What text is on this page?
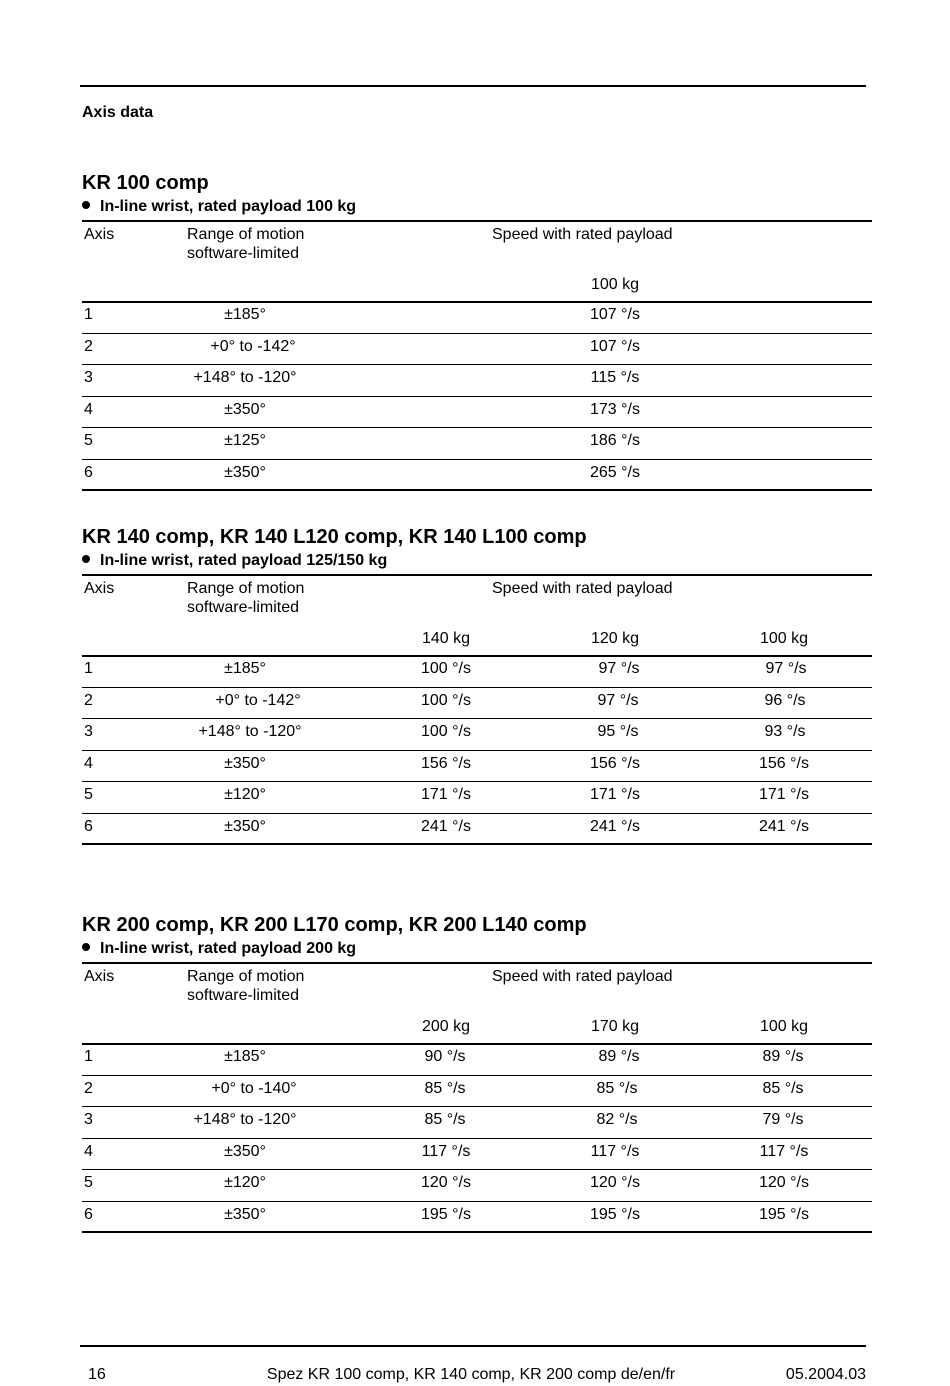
Axis data
KR 100 comp
In-line wrist, rated payload 100 kg
Axis	Range of motion
software-limited
Speed with rated payload
100 kg
1	±185°	107 °/s
2	+0° to -142°	107 °/s
3	+148° to -120°	115 °/s
4	±350°	173 °/s
5	±125°	186 °/s
6	±350°	265 °/s
KR 140 comp, KR 140 L120 comp, KR 140 L100 comp
In-line wrist, rated payload 125/150 kg
Axis	Range of motion
software-limited
Speed with rated payload
140 kg	120 kg	100 kg
1	±185°	100 °/s	97 °/s	97 °/s
2	+0° to -142°	100 °/s	97 °/s	96 °/s
3	+148° to -120°	100 °/s	95 °/s	93 °/s
4	±350°	156 °/s	156 °/s	156 °/s
5	±120°	171 °/s	171 °/s	171 °/s
6	±350°	241 °/s	241 °/s	241 °/s
KR 200 comp, KR 200 L170 comp, KR 200 L140 comp
In-line wrist, rated payload 200 kg
Axis	Range of motion
software-limited
Speed with rated payload
200 kg	170 kg	100 kg
1	±185°	90 °/s	89 °/s	89 °/s
2	+0° to -140°	85 °/s	85 °/s	85 °/s
3	+148° to -120°	85 °/s	82 °/s	79 °/s
4	±350°	117 °/s	117 °/s	117 °/s
5	±120°	120 °/s	120 °/s	120 °/s
6	±350°	195 °/s	195 °/s	195 °/s
16	Spez KR 100 comp, KR 140 comp, KR 200 comp de/en/fr	05.2004.03
